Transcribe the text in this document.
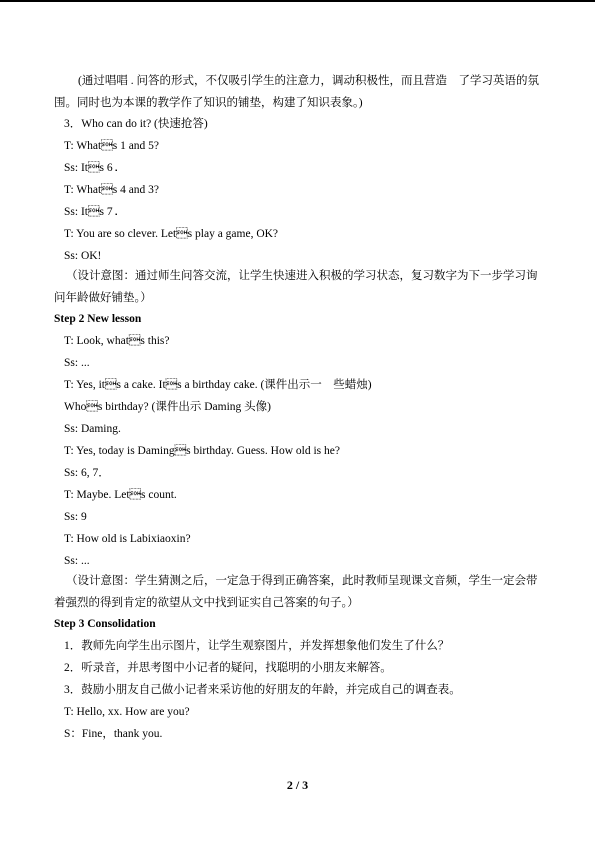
(通过唱唱 . 问答的形式，不仅吸引学生的注意力，调动积极性，而且营造　了学习英语的氛围。同时也为本课的教学作了知识的铺垫，构建了知识表象。)
3．Who can do it? (快速抢答)
T: Whats 1 and 5?
Ss: Its 6．
T: Whats 4 and 3?
Ss: Its 7．
T: You are so clever. Lets play a game, OK?
Ss: OK!
（设计意图：通过师生问答交流，让学生快速进入积极的学习状态，复习数字为下一步学习询问年龄做好铺垫。）
Step 2 New lesson
T: Look, whats this?
Ss: ...
T: Yes, its a cake. Its a birthday cake. (课件出示一　些蜡烛)
Whos birthday? (课件出示 Daming 头像)
Ss: Daming.
T: Yes, today is Damings birthday. Guess. How old is he?
Ss: 6, 7．
T: Maybe. Lets count.
Ss: 9
T: How old is Labixiaoxin?
Ss: ...
（设计意图：学生猜测之后，一定急于得到正确答案，此时教师呈现课文音频，学生一定会带着强烈的得到肯定的欲望从文中找到证实自己答案的句子。）
Step 3 Consolidation
1．教师先向学生出示图片，让学生观察图片，并发挥想象他们发生了什么？
2．听录音，并思考图中小记者的疑问，找聪明的小朋友来解答。
3．鼓励小朋友自己做小记者来采访他的好朋友的年龄，并完成自己的调查表。
T: Hello, xx. How are you?
S：Fine，thank you.
2 / 3
